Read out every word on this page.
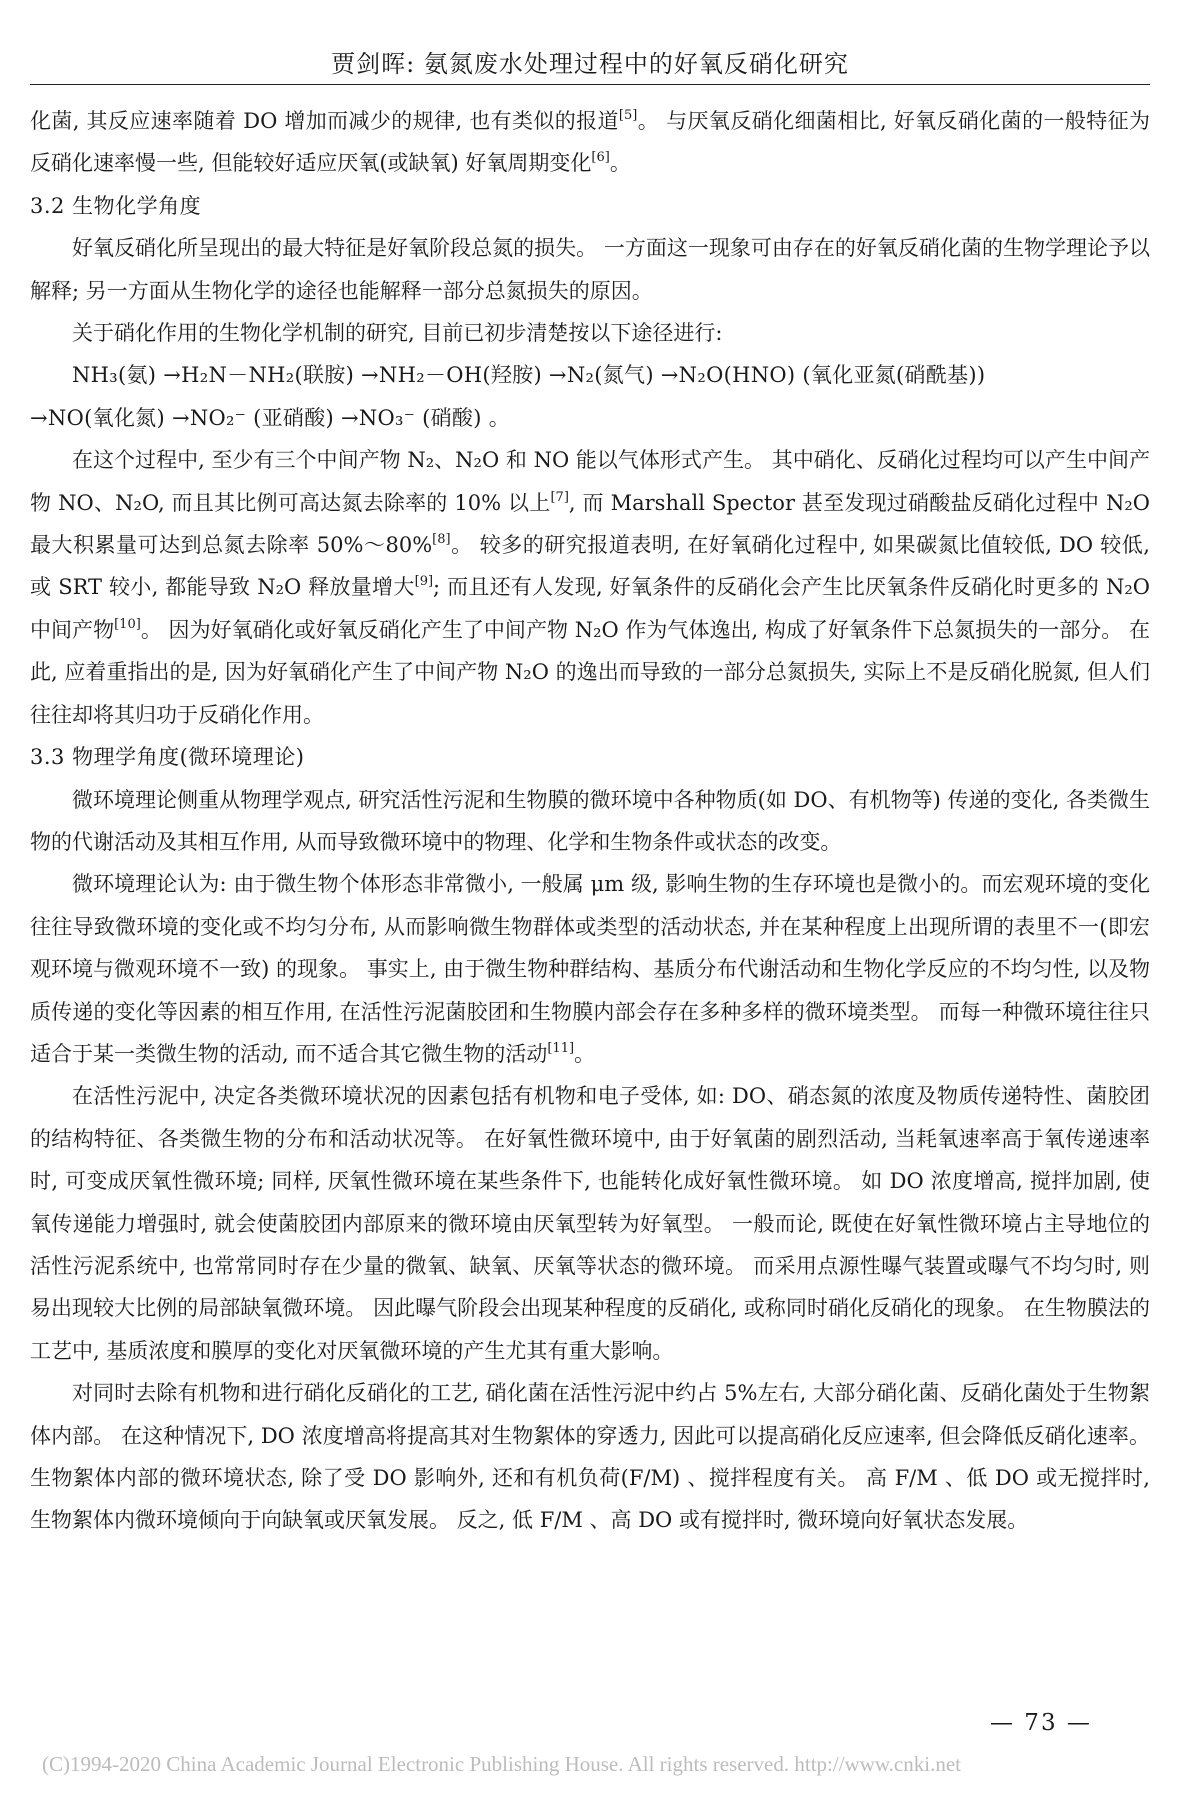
贾剑晖: 氨氮废水处理过程中的好氧反硝化研究

化菌, 其反应速率随着 DO 增加而减少的规律, 也有类似的报道[5]。 与厌氧反硝化细菌相比, 好氧反硝化菌的一般特征为反硝化速率慢一些, 但能较好适应厌氧(或缺氧) 好氧周期变化[6]。

3.2 生物化学角度

好氧反硝化所呈现出的最大特征是好氧阶段总氮的损失。 一方面这一现象可由存在的好氧反硝化菌的生物学理论予以解释; 另一方面从生物化学的途径也能解释一部分总氮损失的原因。

关于硝化作用的生物化学机制的研究, 目前已初步清楚按以下途径进行:

NH₃(氨) →H₂N－NH₂(联胺) →NH₂－OH(羟胺) →N₂(氮气) →N₂O(HNO) (氧化亚氮(硝酰基))

→NO(氧化氮) →NO₂⁻ (亚硝酸) →NO₃⁻ (硝酸) 。

在这个过程中, 至少有三个中间产物 N₂、N₂O 和 NO 能以气体形式产生。 其中硝化、反硝化过程均可以产生中间产物 NO、N₂O, 而且其比例可高达氮去除率的 10% 以上[7], 而 Marshall Spector 甚至发现过硝酸盐反硝化过程中 N₂O 最大积累量可达到总氮去除率 50%～80%[8]。 较多的研究报道表明, 在好氧硝化过程中, 如果碳氮比值较低, DO 较低, 或 SRT 较小, 都能导致 N₂O 释放量增大[9]; 而且还有人发现, 好氧条件的反硝化会产生比厌氧条件反硝化时更多的 N₂O 中间产物[10]。 因为好氧硝化或好氧反硝化产生了中间产物 N₂O 作为气体逸出, 构成了好氧条件下总氮损失的一部分。 在此, 应着重指出的是, 因为好氧硝化产生了中间产物 N₂O 的逸出而导致的一部分总氮损失, 实际上不是反硝化脱氮, 但人们往往却将其归功于反硝化作用。

3.3 物理学角度(微环境理论)

微环境理论侧重从物理学观点, 研究活性污泥和生物膜的微环境中各种物质(如 DO、有机物等) 传递的变化, 各类微生物的代谢活动及其相互作用, 从而导致微环境中的物理、化学和生物条件或状态的改变。

微环境理论认为: 由于微生物个体形态非常微小, 一般属 μm 级, 影响生物的生存环境也是微小的。而宏观环境的变化往往导致微环境的变化或不均匀分布, 从而影响微生物群体或类型的活动状态, 并在某种程度上出现所谓的表里不一(即宏观环境与微观环境不一致) 的现象。 事实上, 由于微生物种群结构、基质分布代谢活动和生物化学反应的不均匀性, 以及物质传递的变化等因素的相互作用, 在活性污泥菌胶团和生物膜内部会存在多种多样的微环境类型。 而每一种微环境往往只适合于某一类微生物的活动, 而不适合其它微生物的活动[11]。

在活性污泥中, 决定各类微环境状况的因素包括有机物和电子受体, 如: DO、硝态氮的浓度及物质传递特性、菌胶团的结构特征、各类微生物的分布和活动状况等。 在好氧性微环境中, 由于好氧菌的剧烈活动, 当耗氧速率高于氧传递速率时, 可变成厌氧性微环境; 同样, 厌氧性微环境在某些条件下, 也能转化成好氧性微环境。 如 DO 浓度增高, 搅拌加剧, 使氧传递能力增强时, 就会使菌胶团内部原来的微环境由厌氧型转为好氧型。 一般而论, 既使在好氧性微环境占主导地位的活性污泥系统中, 也常常同时存在少量的微氧、缺氧、厌氧等状态的微环境。 而采用点源性曝气装置或曝气不均匀时, 则易出现较大比例的局部缺氧微环境。 因此曝气阶段会出现某种程度的反硝化, 或称同时硝化反硝化的现象。 在生物膜法的工艺中, 基质浓度和膜厚的变化对厌氧微环境的产生尤其有重大影响。

对同时去除有机物和进行硝化反硝化的工艺, 硝化菌在活性污泥中约占 5%左右, 大部分硝化菌、反硝化菌处于生物絮体内部。 在这种情况下, DO 浓度增高将提高其对生物絮体的穿透力, 因此可以提高硝化反应速率, 但会降低反硝化速率。 生物絮体内部的微环境状态, 除了受 DO 影响外, 还和有机负荷(F/M) 、搅拌程度有关。 高 F/M 、低 DO 或无搅拌时, 生物絮体内微环境倾向于向缺氧或厌氧发展。 反之, 低 F/M 、高 DO 或有搅拌时, 微环境向好氧状态发展。

— 73 —
(C)1994-2020 China Academic Journal Electronic Publishing House. All rights reserved. http://www.cnki.net
